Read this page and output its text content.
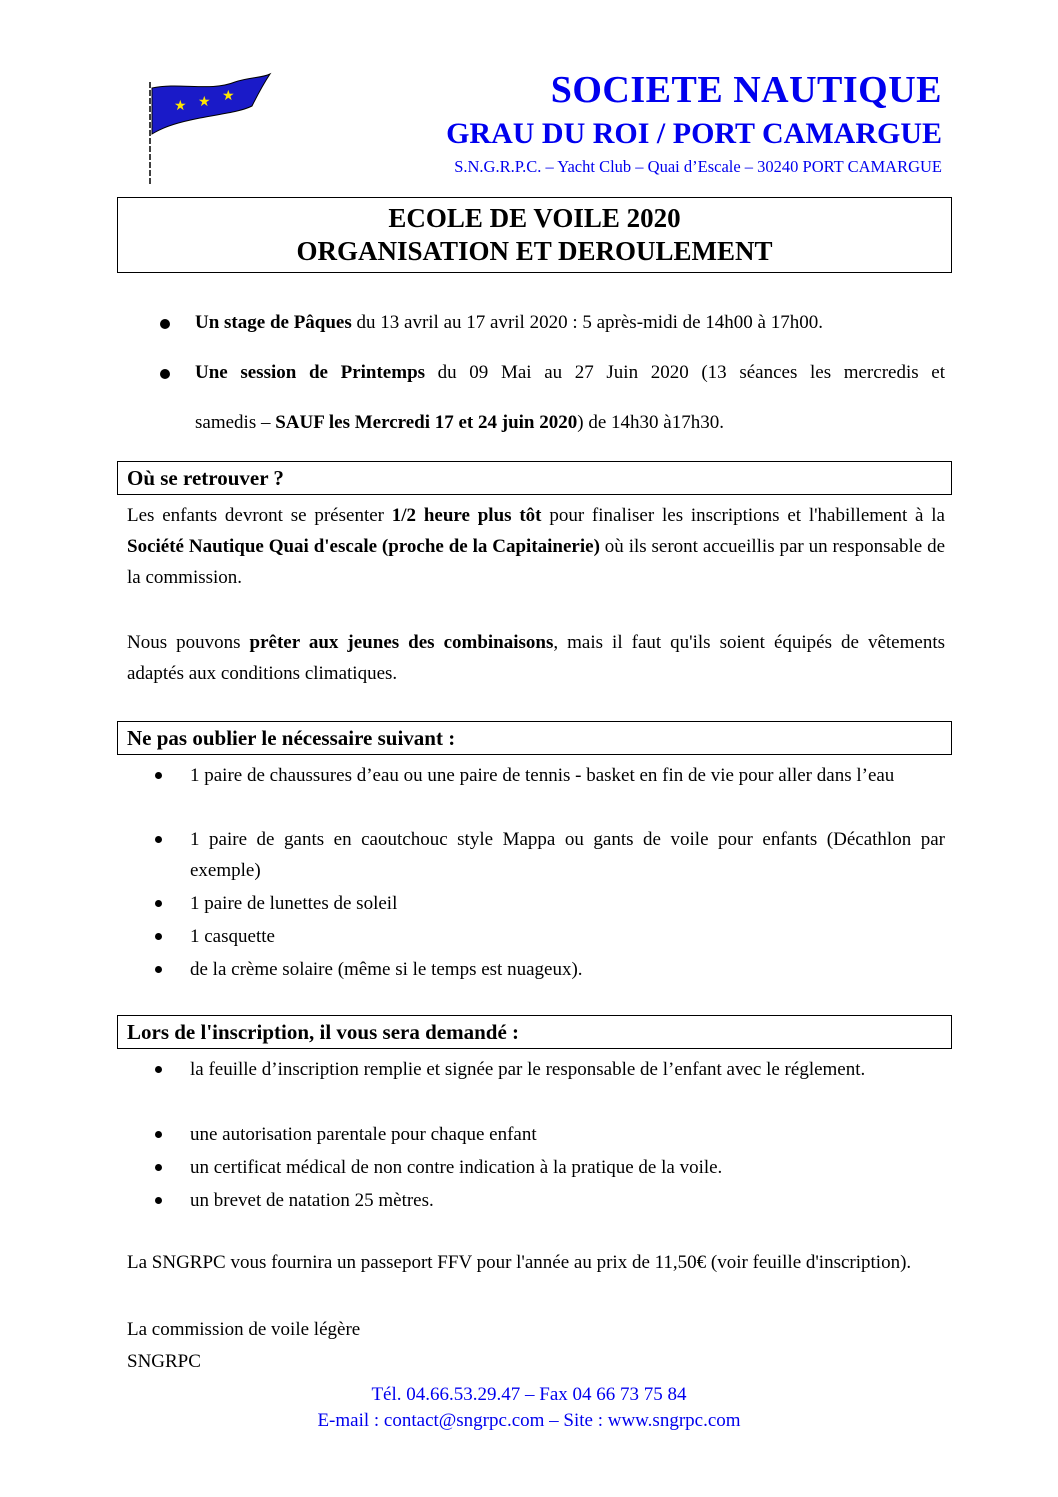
★ ★ ★	SOCIETE NAUTIQUE
GRAU DU ROI / PORT CAMARGUE
S.N.G.R.P.C. – Yacht Club – Quai d’Escale – 30240 PORT CAMARGUE
ECOLE DE VOILE 2020
ORGANISATION ET DEROULEMENT
Un stage de Pâques du 13 avril au 17 avril 2020 : 5 après-midi de 14h00 à 17h00.
Une session de Printemps du 09 Mai au 27 Juin 2020 (13 séances les mercredis et
samedis – SAUF les Mercredi 17 et 24 juin 2020) de 14h30 à17h30.
Où se retrouver ?
Les enfants devront se présenter 1/2 heure plus tôt pour finaliser les inscriptions et l'habillement à la Société Nautique Quai d'escale (proche de la Capitainerie) où ils seront accueillis par un responsable de la commission.
Nous pouvons prêter aux jeunes des combinaisons, mais il faut qu'ils soient équipés de vêtements adaptés aux conditions climatiques.
Ne pas oublier le nécessaire suivant :
1 paire de chaussures d’eau ou une paire de tennis - basket en fin de vie pour aller dans l’eau
1 paire de gants en caoutchouc style Mappa ou gants de voile pour enfants (Décathlon par exemple)
1 paire de lunettes de soleil
1 casquette
de la crème solaire (même si le temps est nuageux).
Lors de l'inscription, il vous sera demandé :
la feuille d’inscription remplie et signée par le responsable de l’enfant avec le réglement.
une autorisation parentale pour chaque enfant
un certificat médical de non contre indication à la pratique de la voile.
un brevet de natation 25 mètres.
La SNGRPC vous fournira un passeport FFV pour l'année au prix de 11,50€ (voir feuille d'inscription).
La commission de voile légère
SNGRPC
Tél. 04.66.53.29.47 – Fax 04 66 73 75 84
E-mail : contact@sngrpc.com – Site : www.sngrpc.com
